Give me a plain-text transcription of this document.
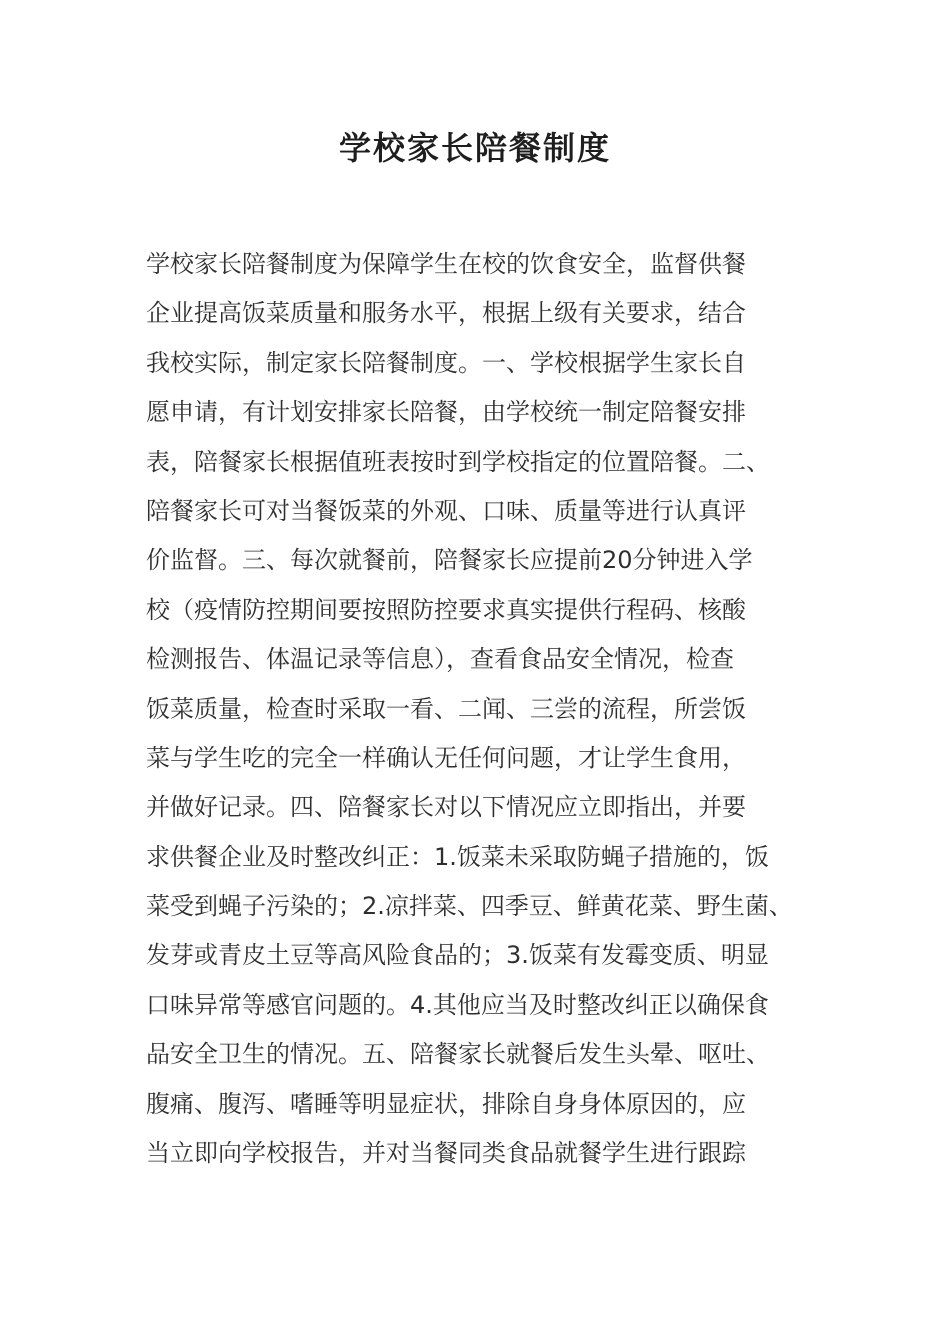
学校家长陪餐制度
学校家长陪餐制度为保障学生在校的饮食安全，监督供餐
企业提高饭菜质量和服务水平，根据上级有关要求，结合
我校实际，制定家长陪餐制度。一、学校根据学生家长自
愿申请，有计划安排家长陪餐，由学校统一制定陪餐安排
表，陪餐家长根据值班表按时到学校指定的位置陪餐。二、
陪餐家长可对当餐饭菜的外观、口味、质量等进行认真评
价监督。三、每次就餐前，陪餐家长应提前20分钟进入学
校（疫情防控期间要按照防控要求真实提供行程码、核酸
检测报告、体温记录等信息），查看食品安全情况，检查
饭菜质量，检查时采取一看、二闻、三尝的流程，所尝饭
菜与学生吃的完全一样确认无任何问题，才让学生食用，
并做好记录。四、陪餐家长对以下情况应立即指出，并要
求供餐企业及时整改纠正：1.饭菜未采取防蝇子措施的，饭
菜受到蝇子污染的；2.凉拌菜、四季豆、鲜黄花菜、野生菌、
发芽或青皮土豆等高风险食品的；3.饭菜有发霉变质、明显
口味异常等感官问题的。4.其他应当及时整改纠正以确保食
品安全卫生的情况。五、陪餐家长就餐后发生头晕、呕吐、
腹痛、腹泻、嗜睡等明显症状，排除自身身体原因的，应
当立即向学校报告，并对当餐同类食品就餐学生进行跟踪
